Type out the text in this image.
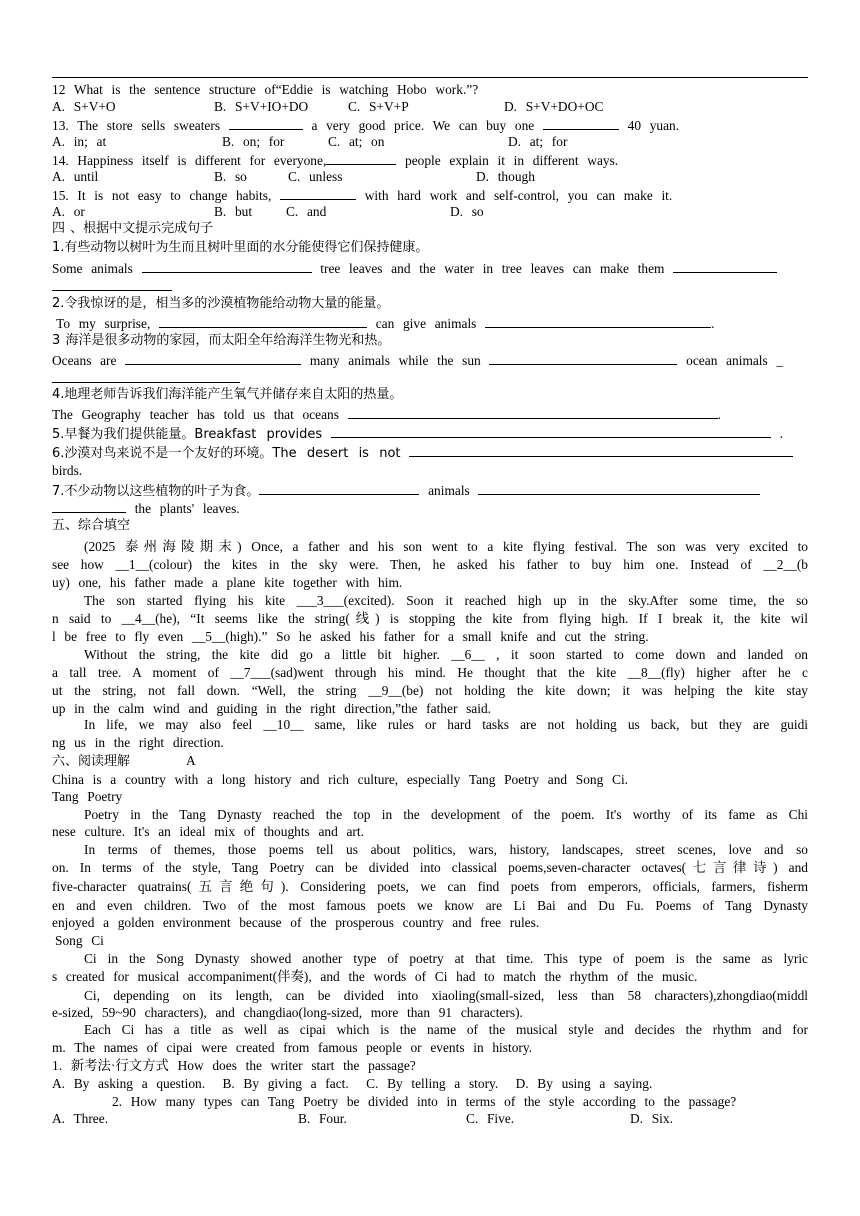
12  What  is  the  sentence  structure  of“Eddie  is  watching  Hobo  work.”?

A.  S+V+O

	B.  S+V+IO+DO

	C.  S+V+P

	D.  S+V+DO+OC

13.  The  store  sells  sweaters	a  very  good  price.  We  can  buy  one	40  yuan.

A.  in;  at

	B.  on;  for

	C.  at;  on

	D.  at;  for

14.  Happiness  itself  is  different  for  everyone,	people  explain  it  in  different  ways.

A.  until

	B.  so

	C.  unless

	D.  though

15.  It  is  not  easy  to  change  habits,	with  hard  work  and  self-control,  you  can  make  it.

A.  or

	B.  but

	C.  and

	D.  so

四 、根据中文提示完成句子
1.有些动物以树叶为生而且树叶里面的水分能使得它们保持健康。
Some  animals	tree  leaves  and  the  water  in  tree  leaves  can  make  them
2.令我惊讶的是，相当多的沙漠植物能给动物大量的能量。
To  my  surprise,	can  give  animals	.
3 海洋是很多动物的家园，而太阳全年给海洋生物光和热。
Oceans  are	many  animals  while  the  sun	ocean  animals  _
4.地理老师告诉我们海洋能产生氧气并储存来自太阳的热量。
The  Geography  teacher  has  told  us  that  oceans	.
5.早餐为我们提供能量。Breakfast  provides	.
6.沙漠对鸟来说不是一个友好的环境。The  desert  is  not
birds.
7.不少动物以这些植物的叶子为食。	animals
the  plants'  leaves.
五、综合填空
(2025 泰州海陵期末) Once, a father and his son went to a kite flying festival. The son was very excited to
see how __1__(colour) the kites in the sky were. Then, he asked his father to buy him one. Instead of __2__(b
uy)  one,  his  father  made  a  plane  kite  together  with  him.
The son started flying his kite ___3___(excited). Soon it reached high up in the sky.After some time, the so
n said to __4__(he), “It seems like the string(线) is stopping the kite from flying high. If I break it, the kite wil
l  be  free  to  fly  even  __5__(high).”  So  he  asked  his  father  for  a  small  knife  and  cut  the  string.
Without the string, the kite did go a little bit higher. __6__ , it soon started to come down and landed on
a tall tree. A moment of __7___(sad)went through his mind. He thought that the kite __8__(fly) higher after he c
ut the string, not fall down. “Well, the string __9__(be) not holding the kite down; it was helping the kite stay
up  in  the  calm  wind  and  guiding  in  the  right  direction,”the  father  said.
In life, we may also feel __10__ same, like rules or hard tasks are not holding us back, but they are guidi
ng  us  in  the  right  direction.
六、阅读理解	A
China  is  a  country  with  a  long  history  and  rich  culture,  especially  Tang  Poetry  and  Song  Ci.
Tang  Poetry
Poetry in the Tang Dynasty reached the top in the development of the poem. It's worthy of its fame as Chi
nese  culture.  It's  an  ideal  mix  of  thoughts  and  art.
In terms of themes, those poems tell us about politics, wars, history, landscapes, street scenes, love and so
on. In terms of the style, Tang Poetry can be divided into classical poems,seven-character octaves(七言律诗) and
five-character quatrains(五言绝句). Considering poets, we can find poets from emperors, officials, farmers, fisherm
en and even children. Two of the most famous poets we know are Li Bai and Du Fu. Poems of Tang Dynasty
enjoyed  a  golden  environment  because  of  the  prosperous  country  and  free  rules.
Song  Ci
Ci in the Song Dynasty showed another type of poetry at that time. This type of poem is the same as lyric
s  created  for  musical  accompaniment(伴奏),  and  the  words  of  Ci  had  to  match  the  rhythm  of  the  music.
Ci, depending on its length, can be divided into xiaoling(small-sized, less than 58 characters),zhongdiao(middl
e-sized,  59~90  characters),  and  changdiao(long-sized,  more  than  91  characters).
Each Ci has a title as well as cipai which is the name of the musical style and decides the rhythm and for
m.  The  names  of  cipai  were  created  from  famous  people  or  events  in  history.
1.  新考法·行文方式  How  does  the  writer  start  the  passage?
A.  By  asking  a  question.    B.  By  giving  a  fact.    C.  By  telling  a  story.    D.  By  using  a  saying.
2.  How  many  types  can  Tang  Poetry  be  divided  into  in  terms  of  the  style  according  to  the  passage?

A.  Three.

	B.  Four.

	C.  Five.

	D.  Six.
